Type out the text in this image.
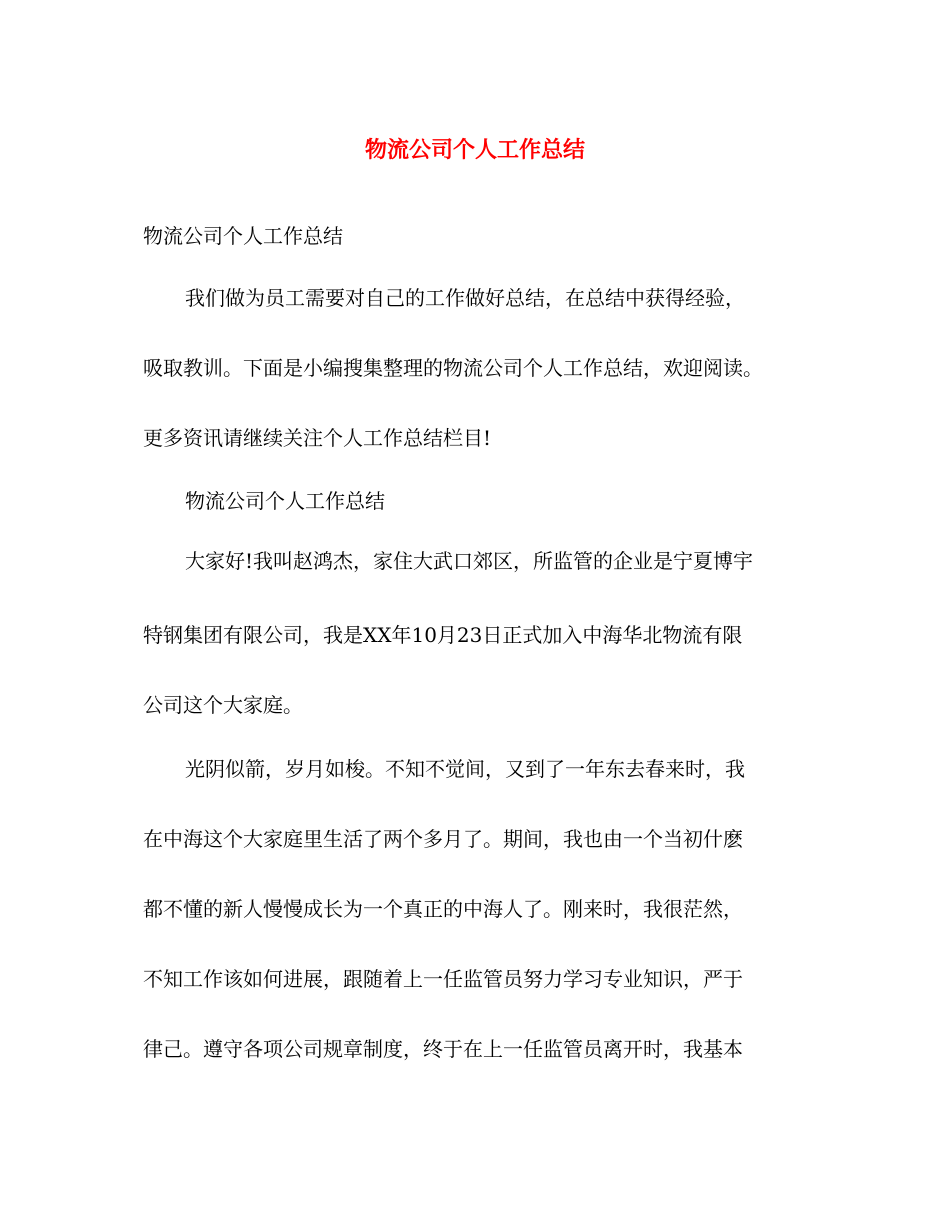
物流公司个人工作总结
物流公司个人工作总结
我们做为员工需要对自己的工作做好总结，在总结中获得经验，
吸取教训。下面是小编搜集整理的物流公司个人工作总结，欢迎阅读。
更多资讯请继续关注个人工作总结栏目!
物流公司个人工作总结
大家好!我叫赵鸿杰，家住大武口郊区，所监管的企业是宁夏博宇
特钢集团有限公司，我是XX年10月23日正式加入中海华北物流有限
公司这个大家庭。
光阴似箭，岁月如梭。不知不觉间，又到了一年东去春来时，我
在中海这个大家庭里生活了两个多月了。期间，我也由一个当初什麽
都不懂的新人慢慢成长为一个真正的中海人了。刚来时，我很茫然，
不知工作该如何进展，跟随着上一任监管员努力学习专业知识，严于
律己。遵守各项公司规章制度，终于在上一任监管员离开时，我基本
